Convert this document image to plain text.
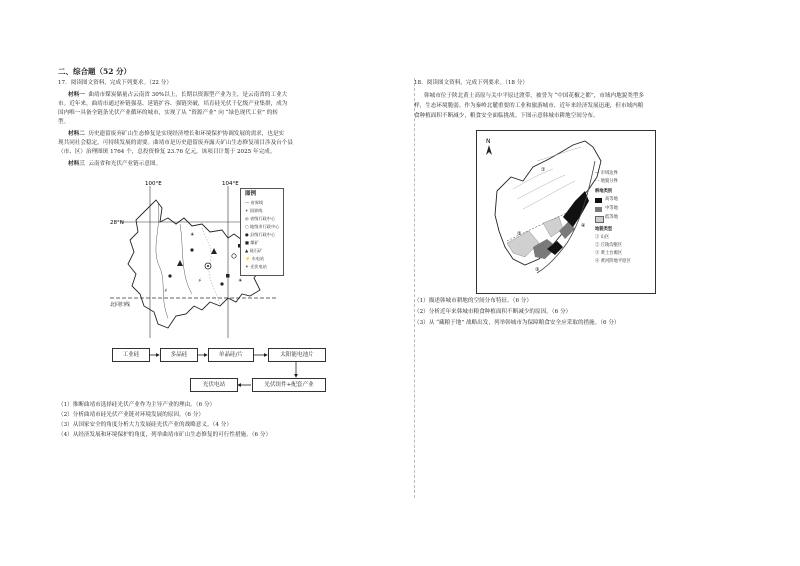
二、综合题（52 分）
17．阅读图文资料，完成下列要求。（22 分）
材料一 曲靖市煤炭储量占云南省 30%以上，长期以资源型产业为主，是云南省的工业大
市。近年来，曲靖市通过补链强基、延链扩容、强链突破，培育硅光伏千亿级产业集群，成为
国内唯一具备全链条光伏产业循环的城市，实现了从 “资源产业” 向 “绿色现代工业” 的转
型。
材料二 历史遗留废弃矿山生态修复是实现经济增长和环境保护协调发展的需求，也是实
现共同社会稳定，可持续发展的需要。曲靖市是历史遗留废弃露天矿山生态修复项目涉及台个县
（市、区）治理图斑 1764 个，总投资修复 23.76 亿元，该项目计划于 2025 年完成。
材料三 云南省和光伏产业链示意图。
⚡
⚡	☀
☀
100°E	104°E
28°N
北回归线
图例
— 省界线
+ 国界线
◎ 省级行政中心
○ 地级市行政中心
● 县级行政中心
■ 煤矿
▲ 硅石矿
⚡ 水电站
☀ 光伏电站
工业硅	多晶硅	单晶硅/片	太阳能电池片
光伏组件+配套产业
光伏电站
（1）推断曲靖市选择硅光伏产业作为主导产业的理由。（6 分）
（2）分析曲靖市硅光伏产业链对环境发展的原因。（6 分）
（3）从国家安全的角度分析大力发展硅光伏产业的战略意义。（4 分）
（4）从经济发展和环境保护的角度，列举曲靖市矿山生态修复的可行性措施。（6 分）
18．阅读图文资料，完成下列要求。（18 分）
韩城市位于陕北黄土高原与关中平原过渡带，被誉为 “中国花椒之都”，市域内地貌类型多
样，生态环境脆弱。作为秦岭北麓重要的工业和旅游城市，近年来经济发展迅速，但市域内粮
食种植面积不断减少，粮食安全面临挑战。下图示意韩城市耕地空间分布。
N
①
②
③
④
— 市域边界
- - 地貌分界
耕地类别
高等地
中等地
低等地
地貌类型
① 山区
② 丘陵沟壑区
③ 黄土台塬区
④ 黄河阶地平原区
（1）描述韩城市耕地的空间分布特征。（6 分）
（2）分析近年来韩城市粮食种植面积不断减少的原因。（6 分）
（3）从 “藏粮于地” 战略出发，列举韩城市为保障粮食安全应采取的措施。（6 分）
